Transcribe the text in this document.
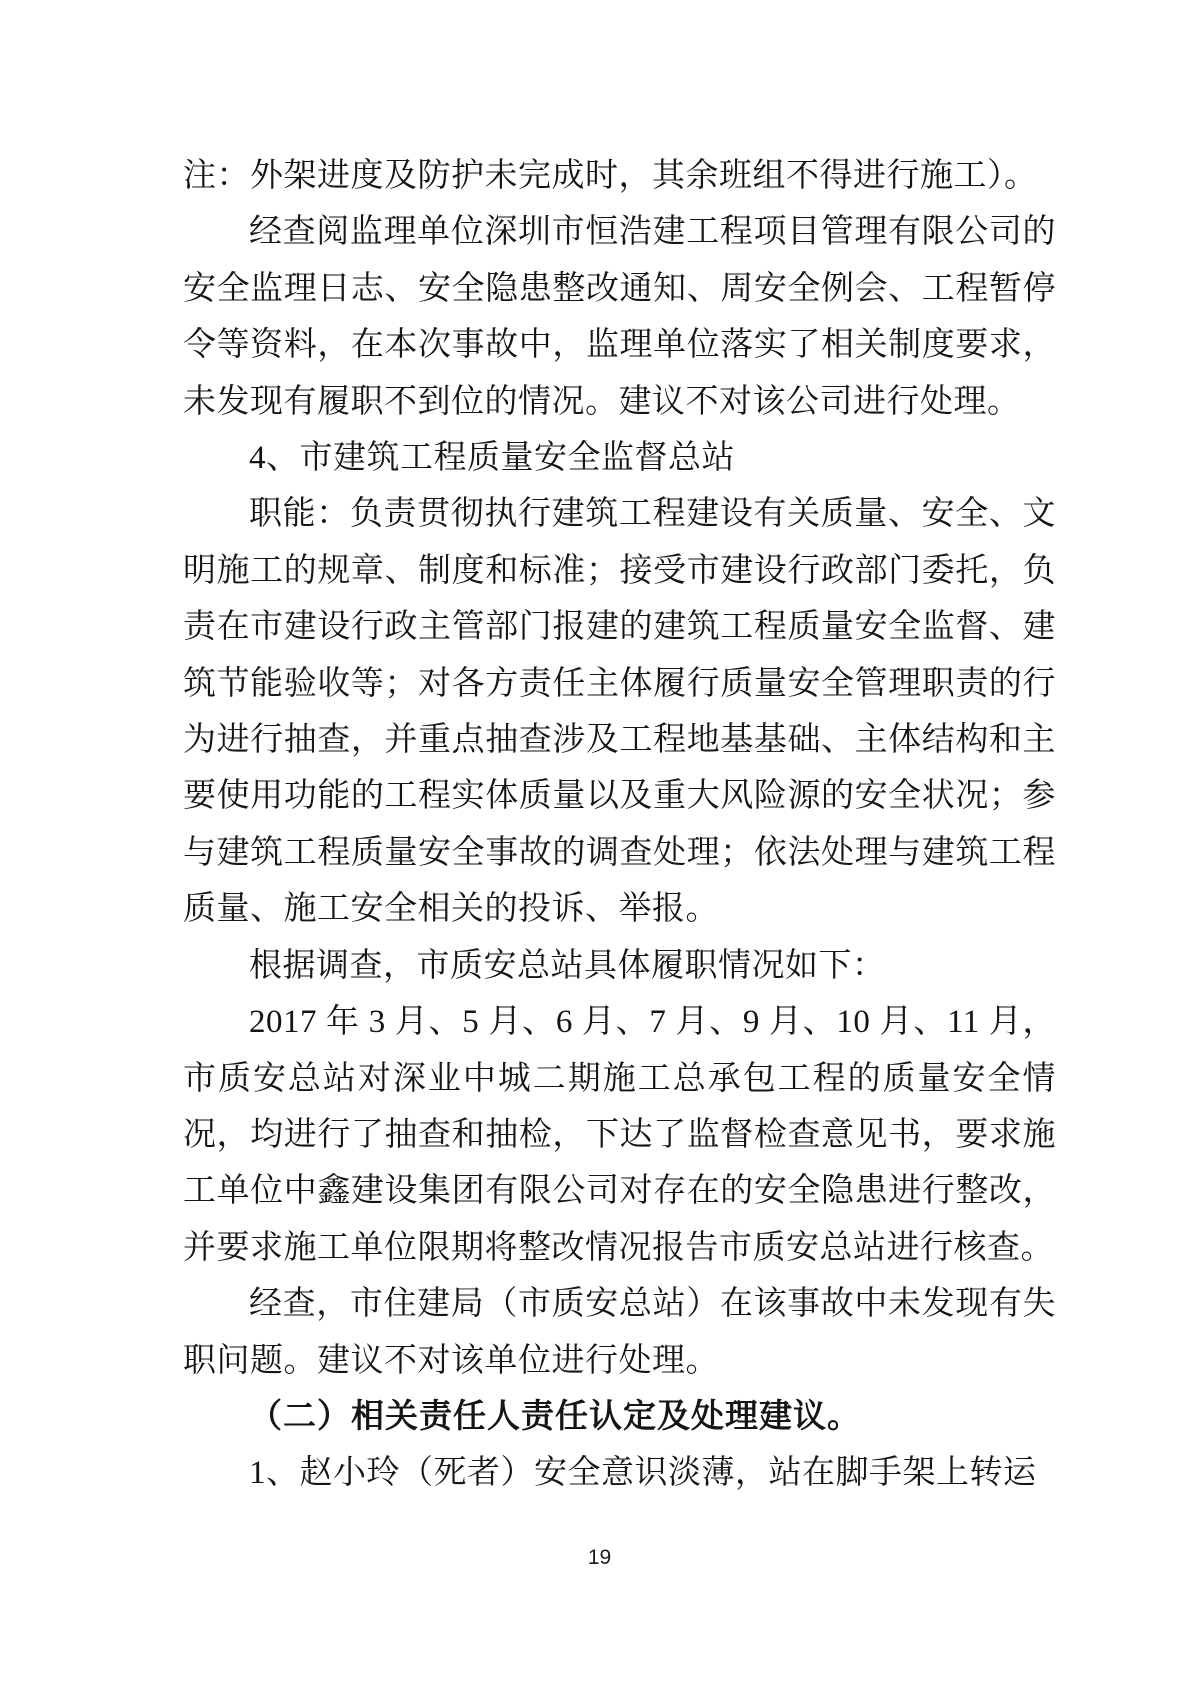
注：外架进度及防护未完成时，其余班组不得进行施工）。

经查阅监理单位深圳市恒浩建工程项目管理有限公司的安全监理日志、安全隐患整改通知、周安全例会、工程暂停令等资料，在本次事故中，监理单位落实了相关制度要求，未发现有履职不到位的情况。建议不对该公司进行处理。

4、市建筑工程质量安全监督总站

职能：负责贯彻执行建筑工程建设有关质量、安全、文明施工的规章、制度和标准；接受市建设行政部门委托，负责在市建设行政主管部门报建的建筑工程质量安全监督、建筑节能验收等；对各方责任主体履行质量安全管理职责的行为进行抽查，并重点抽查涉及工程地基基础、主体结构和主要使用功能的工程实体质量以及重大风险源的安全状况；参与建筑工程质量安全事故的调查处理；依法处理与建筑工程质量、施工安全相关的投诉、举报。

根据调查，市质安总站具体履职情况如下：

2017 年 3 月、5 月、6 月、7 月、9 月、10 月、11 月，市质安总站对深业中城二期施工总承包工程的质量安全情况，均进行了抽查和抽检，下达了监督检查意见书，要求施工单位中鑫建设集团有限公司对存在的安全隐患进行整改，并要求施工单位限期将整改情况报告市质安总站进行核查。

经查，市住建局（市质安总站）在该事故中未发现有失职问题。建议不对该单位进行处理。

（二）相关责任人责任认定及处理建议。

1、赵小玲（死者）安全意识淡薄，站在脚手架上转运

19
